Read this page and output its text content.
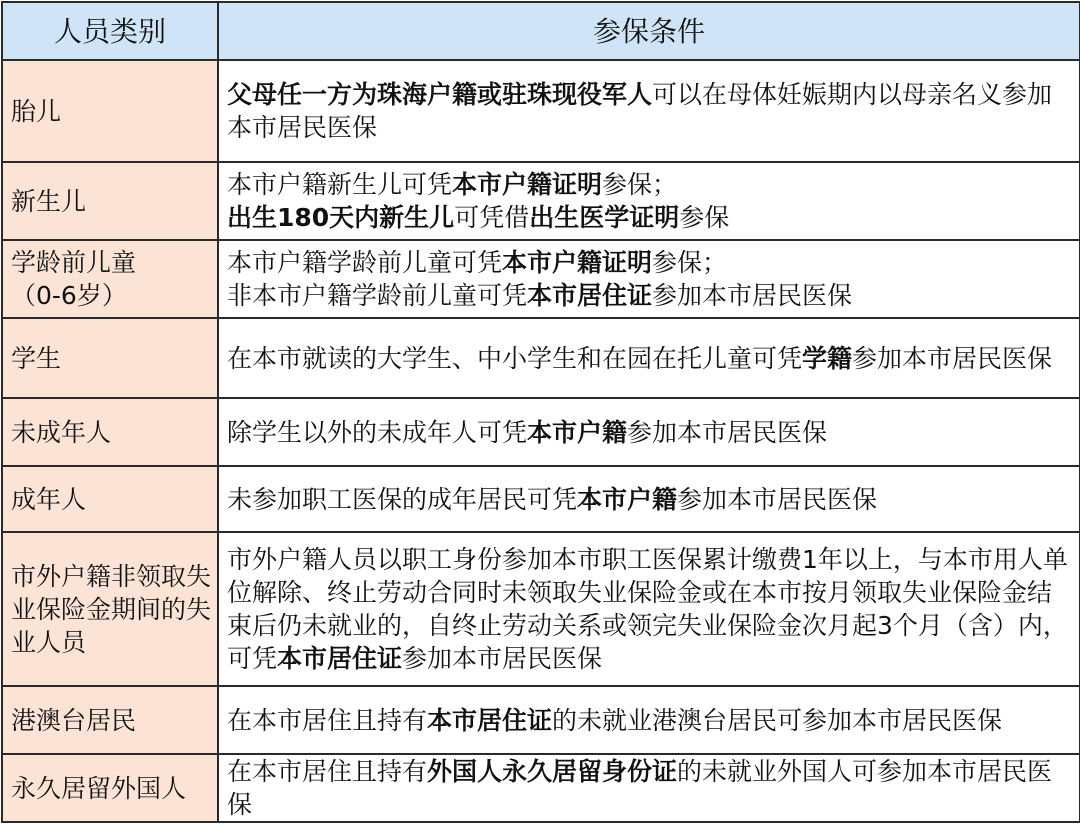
人员类别	参保条件

胎儿	父母任一方为珠海户籍或驻珠现役军人可以在母体妊娠期内以母亲名义参加本市居民医保

新生儿	本市户籍新生儿可凭本市户籍证明参保；
出生180天内新生儿可凭借出生医学证明参保

学龄前儿童
（0-6岁）	本市户籍学龄前儿童可凭本市户籍证明参保；
非本市户籍学龄前儿童可凭本市居住证参加本市居民医保

学生	在本市就读的大学生、中小学生和在园在托儿童可凭学籍参加本市居民医保

未成年人	除学生以外的未成年人可凭本市户籍参加本市居民医保

成年人	未参加职工医保的成年居民可凭本市户籍参加本市居民医保

市外户籍非领取失业保险金期间的失业人员	市外户籍人员以职工身份参加本市职工医保累计缴费1年以上，与本市用人单位解除、终止劳动合同时未领取失业保险金或在本市按月领取失业保险金结束后仍未就业的，自终止劳动关系或领完失业保险金次月起3个月（含）内，可凭本市居住证参加本市居民医保

港澳台居民	在本市居住且持有本市居住证的未就业港澳台居民可参加本市居民医保

永久居留外国人	在本市居住且持有外国人永久居留身份证的未就业外国人可参加本市居民医保
